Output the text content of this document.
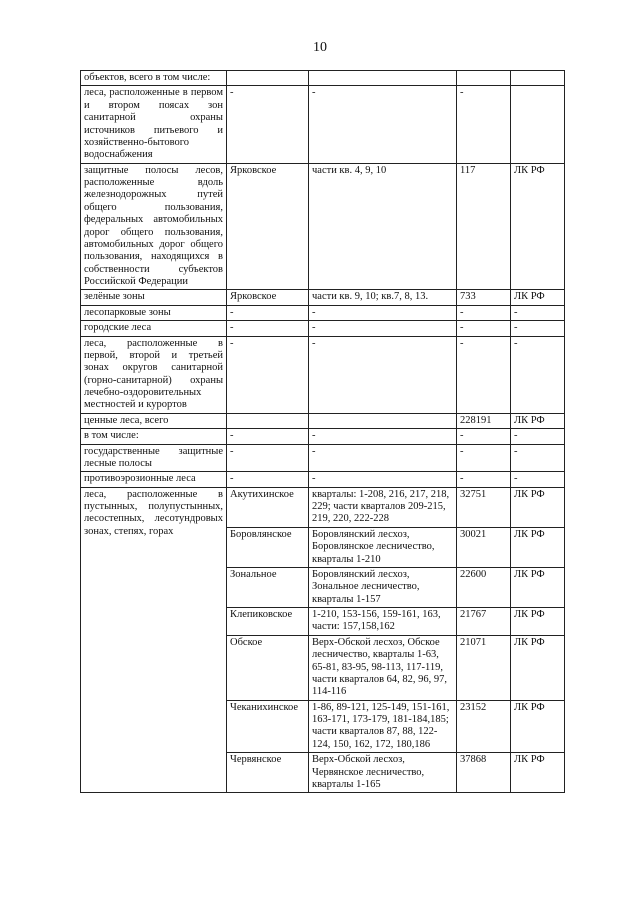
10
объектов, всего в том числе:				
леса, расположенные в первом и втором поясах зон санитарной охраны источников питьевого и хозяйственно-бытового водоснабжения	-	-	-	
защитные полосы лесов, расположенные вдоль железнодорожных путей общего пользования, федеральных автомобильных дорог общего пользования, автомобильных дорог общего пользования, находящихся в собственности субъектов Российской Федерации	Ярковское	части кв. 4, 9, 10	117	ЛК РФ
зелёные зоны	Ярковское	части кв. 9, 10; кв.7, 8, 13.	733	ЛК РФ
лесопарковые зоны	-	-	-	-
городские леса	-	-	-	-
леса, расположенные в первой, второй и третьей зонах округов санитарной (горно-санитарной) охраны лечебно-оздоровительных местностей и курортов	-	-	-	-
ценные леса, всего			228191	ЛК РФ
в том числе:	-	-	-	-
государственные защитные лесные полосы	-	-	-	-
противоэрозионные леса	-	-	-	-
леса, расположенные в пустынных, полупустынных, лесостепных, лесотундровых зонах, степях, горах	Акутихинское	кварталы: 1-208, 216, 217, 218, 229; части кварталов 209-215, 219, 220, 222-228	32751	ЛК РФ
	Боровлянское	Боровлянский лесхоз, Боровлянское лесничество, кварталы 1-210	30021	ЛК РФ
	Зональное	Боровлянский лесхоз, Зональное лесничество, кварталы 1-157	22600	ЛК РФ
	Клепиковское	1-210, 153-156, 159-161, 163, части: 157,158,162	21767	ЛК РФ
	Обское	Верх-Обской лесхоз, Обское лесничество, кварталы 1-63, 65-81, 83-95, 98-113, 117-119, части кварталов 64, 82, 96, 97, 114-116	21071	ЛК РФ
	Чеканихинское	1-86, 89-121, 125-149, 151-161, 163-171, 173-179, 181-184,185; части кварталов 87, 88, 122-124, 150, 162, 172, 180,186	23152	ЛК РФ
	Червянское	Верх-Обской лесхоз, Червянское лесничество, кварталы 1-165	37868	ЛК РФ
